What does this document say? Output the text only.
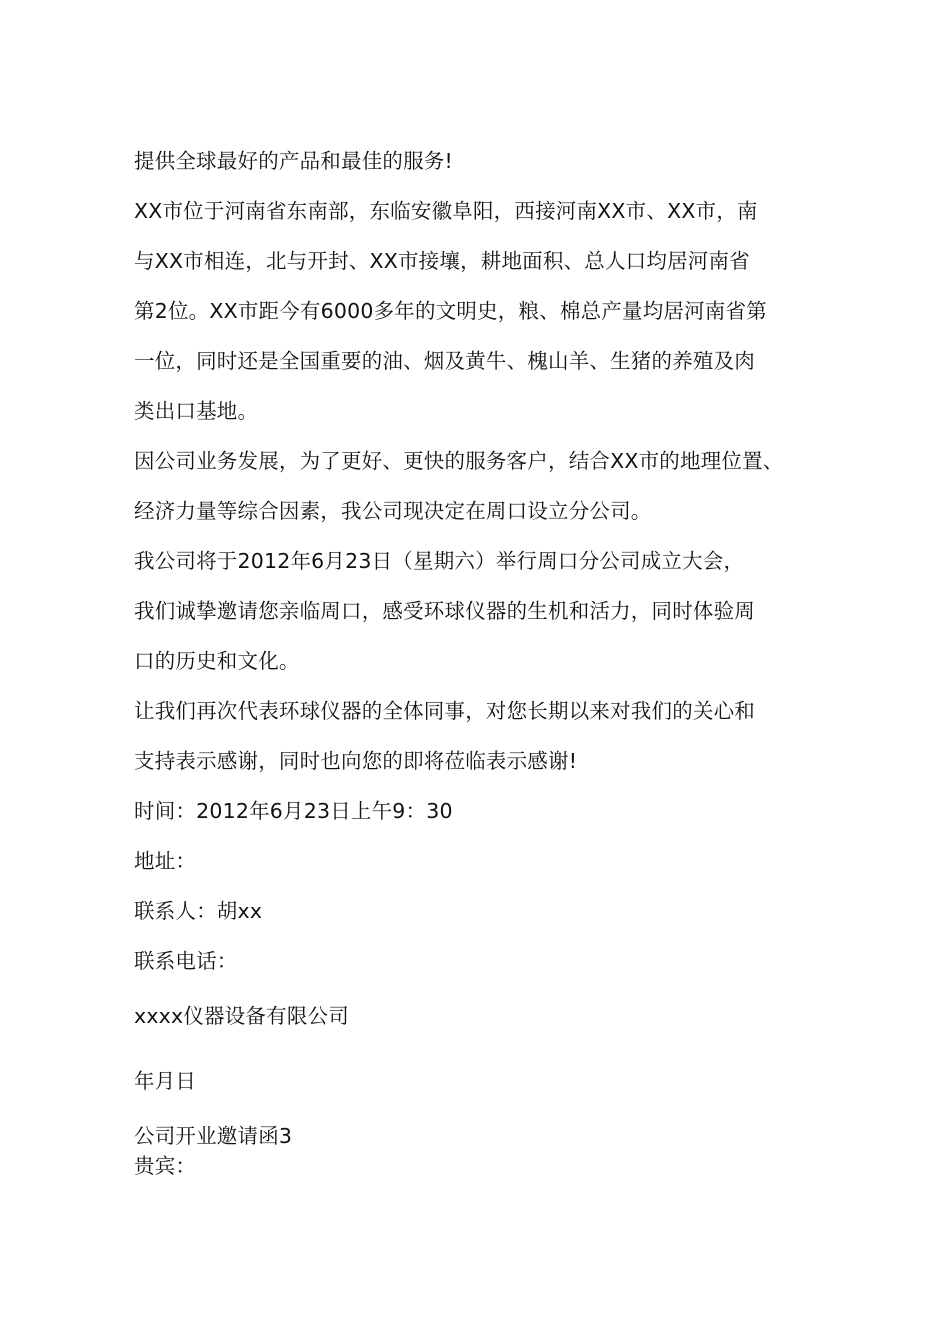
提供全球最好的产品和最佳的服务!
XX市位于河南省东南部，东临安徽阜阳，西接河南XX市、XX市，南
与XX市相连，北与开封、XX市接壤，耕地面积、总人口均居河南省
第2位。XX市距今有6000多年的文明史，粮、棉总产量均居河南省第
一位，同时还是全国重要的油、烟及黄牛、槐山羊、生猪的养殖及肉
类出口基地。
因公司业务发展，为了更好、更快的服务客户，结合XX市的地理位置、
经济力量等综合因素，我公司现决定在周口设立分公司。
我公司将于2012年6月23日（星期六）举行周口分公司成立大会，
我们诚挚邀请您亲临周口，感受环球仪器的生机和活力，同时体验周
口的历史和文化。
让我们再次代表环球仪器的全体同事，对您长期以来对我们的关心和
支持表示感谢，同时也向您的即将莅临表示感谢!
时间：2012年6月23日上午9：30
地址：
联系人：胡xx
联系电话：
xxxx仪器设备有限公司
年月日
公司开业邀请函3
贵宾：
